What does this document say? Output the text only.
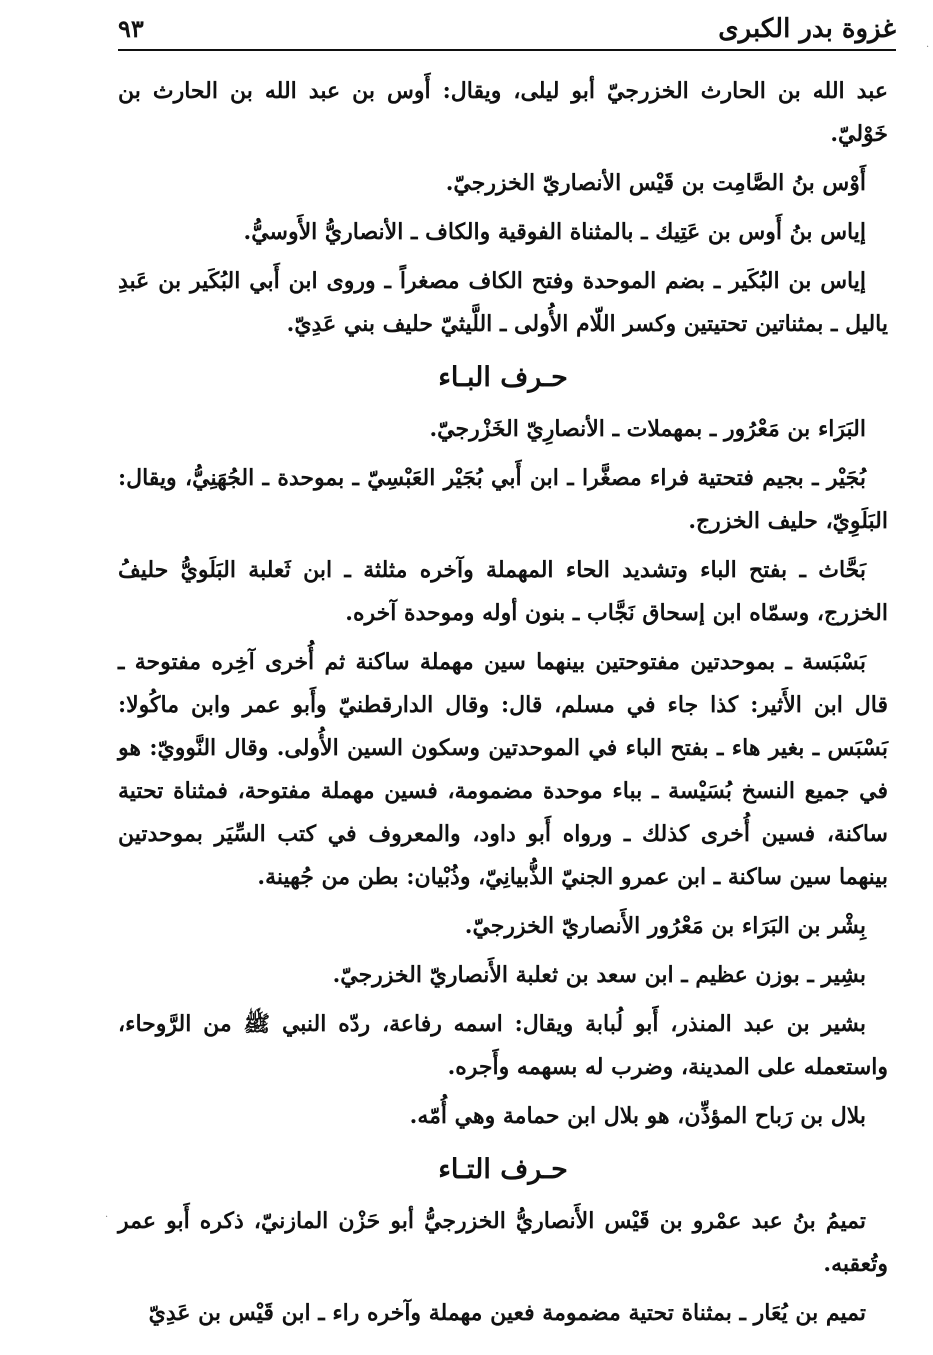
غزوة بدر الكبرى
٩٣

عبد الله بن الحارث الخزرجيّ أبو ليلى، ويقال: أَوس بن عبد الله بن الحارث بن خَوْليّ.

أَوْس بنُ الصَّامِت بن قَيْس الأنصاريّ الخزرجيّ.

إياس بنُ أَوس بن عَتِيك ـ بالمثناة الفوقية والكاف ـ الأنصاريُّ الأَوسيُّ.

إياس بن البُكَير ـ بضم الموحدة وفتح الكاف مصغراً ـ وروى ابن أَبي البُكَير بن عَبدِ ياليل ـ بمثناتين تحتيتين وكسر اللّام الأُولى ـ اللَّيثيّ حليف بني عَدِيّ.

حـرف البـاء

البَرَاء بن مَعْرُور ـ بمهملات ـ الأنصارِيّ الخَزْرجيّ.

بُجَيْر ـ بجيم فتحتية فراء مصغَّرا ـ ابن أَبي بُجَيْر العَبْسِيّ ـ بموحدة ـ الجُهَنِيُّ، ويقال: البَلَوِيّ، حليف الخزرج.

بَحَّاث ـ بفتح الباء وتشديد الحاء المهملة وآخره مثلثة ـ ابن ثَعلبة البَلَويُّ حليفُ الخزرج، وسمّاه ابن إسحاق نَجَّاب ـ بنون أوله وموحدة آخره.

بَسْبَسة ـ بموحدتين مفتوحتين بينهما سين مهملة ساكنة ثم أُخرى آخِره مفتوحة ـ قال ابن الأَثير: كذا جاء في مسلم، قال: وقال الدارقطنيّ وأَبو عمر وابن ماكُولا: بَسْبَس ـ بغير هاء ـ بفتح الباء في الموحدتين وسكون السين الأُولى. وقال النَّوويّ: هو في جميع النسخ بُسَيْسة ـ بباء موحدة مضمومة، فسين مهملة مفتوحة، فمثناة تحتية ساكنة، فسين أُخرى كذلك ـ ورواه أَبو داود، والمعروف في كتب السِّيَر بموحدتين بينهما سين ساكنة ـ ابن عمرو الجنيّ الذُّبيانِيّ، وذُبْيان: بطن من جُهينة.

بِشْر بن البَرَاء بن مَعْرُور الأَنصاريّ الخزرجيّ.

بشِير ـ بوزن عظيم ـ ابن سعد بن ثعلبة الأَنصاريّ الخزرجيّ.

بشير بن عبد المنذر، أَبو لُبابة ويقال: اسمه رفاعة، ردّه النبي ﷺ من الرَّوحاء، واستعمله على المدينة، وضرب له بسهمه وأَجره.

بلال بن رَباح المؤذِّن، هو بلال ابن حمامة وهي أُمّه.

حـرف التـاء

تميمُ بنُ عبد عمْرو بن قَيْس الأَنصاريُّ الخزرجيُّ أبو حَزْن المازنيّ، ذكره أَبو عمر وتُعقبه.

تميم بن يُعَار ـ بمثناة تحتية مضمومة فعين مهملة وآخره راء ـ ابن قَيْس بن عَدِيّ

·
·
